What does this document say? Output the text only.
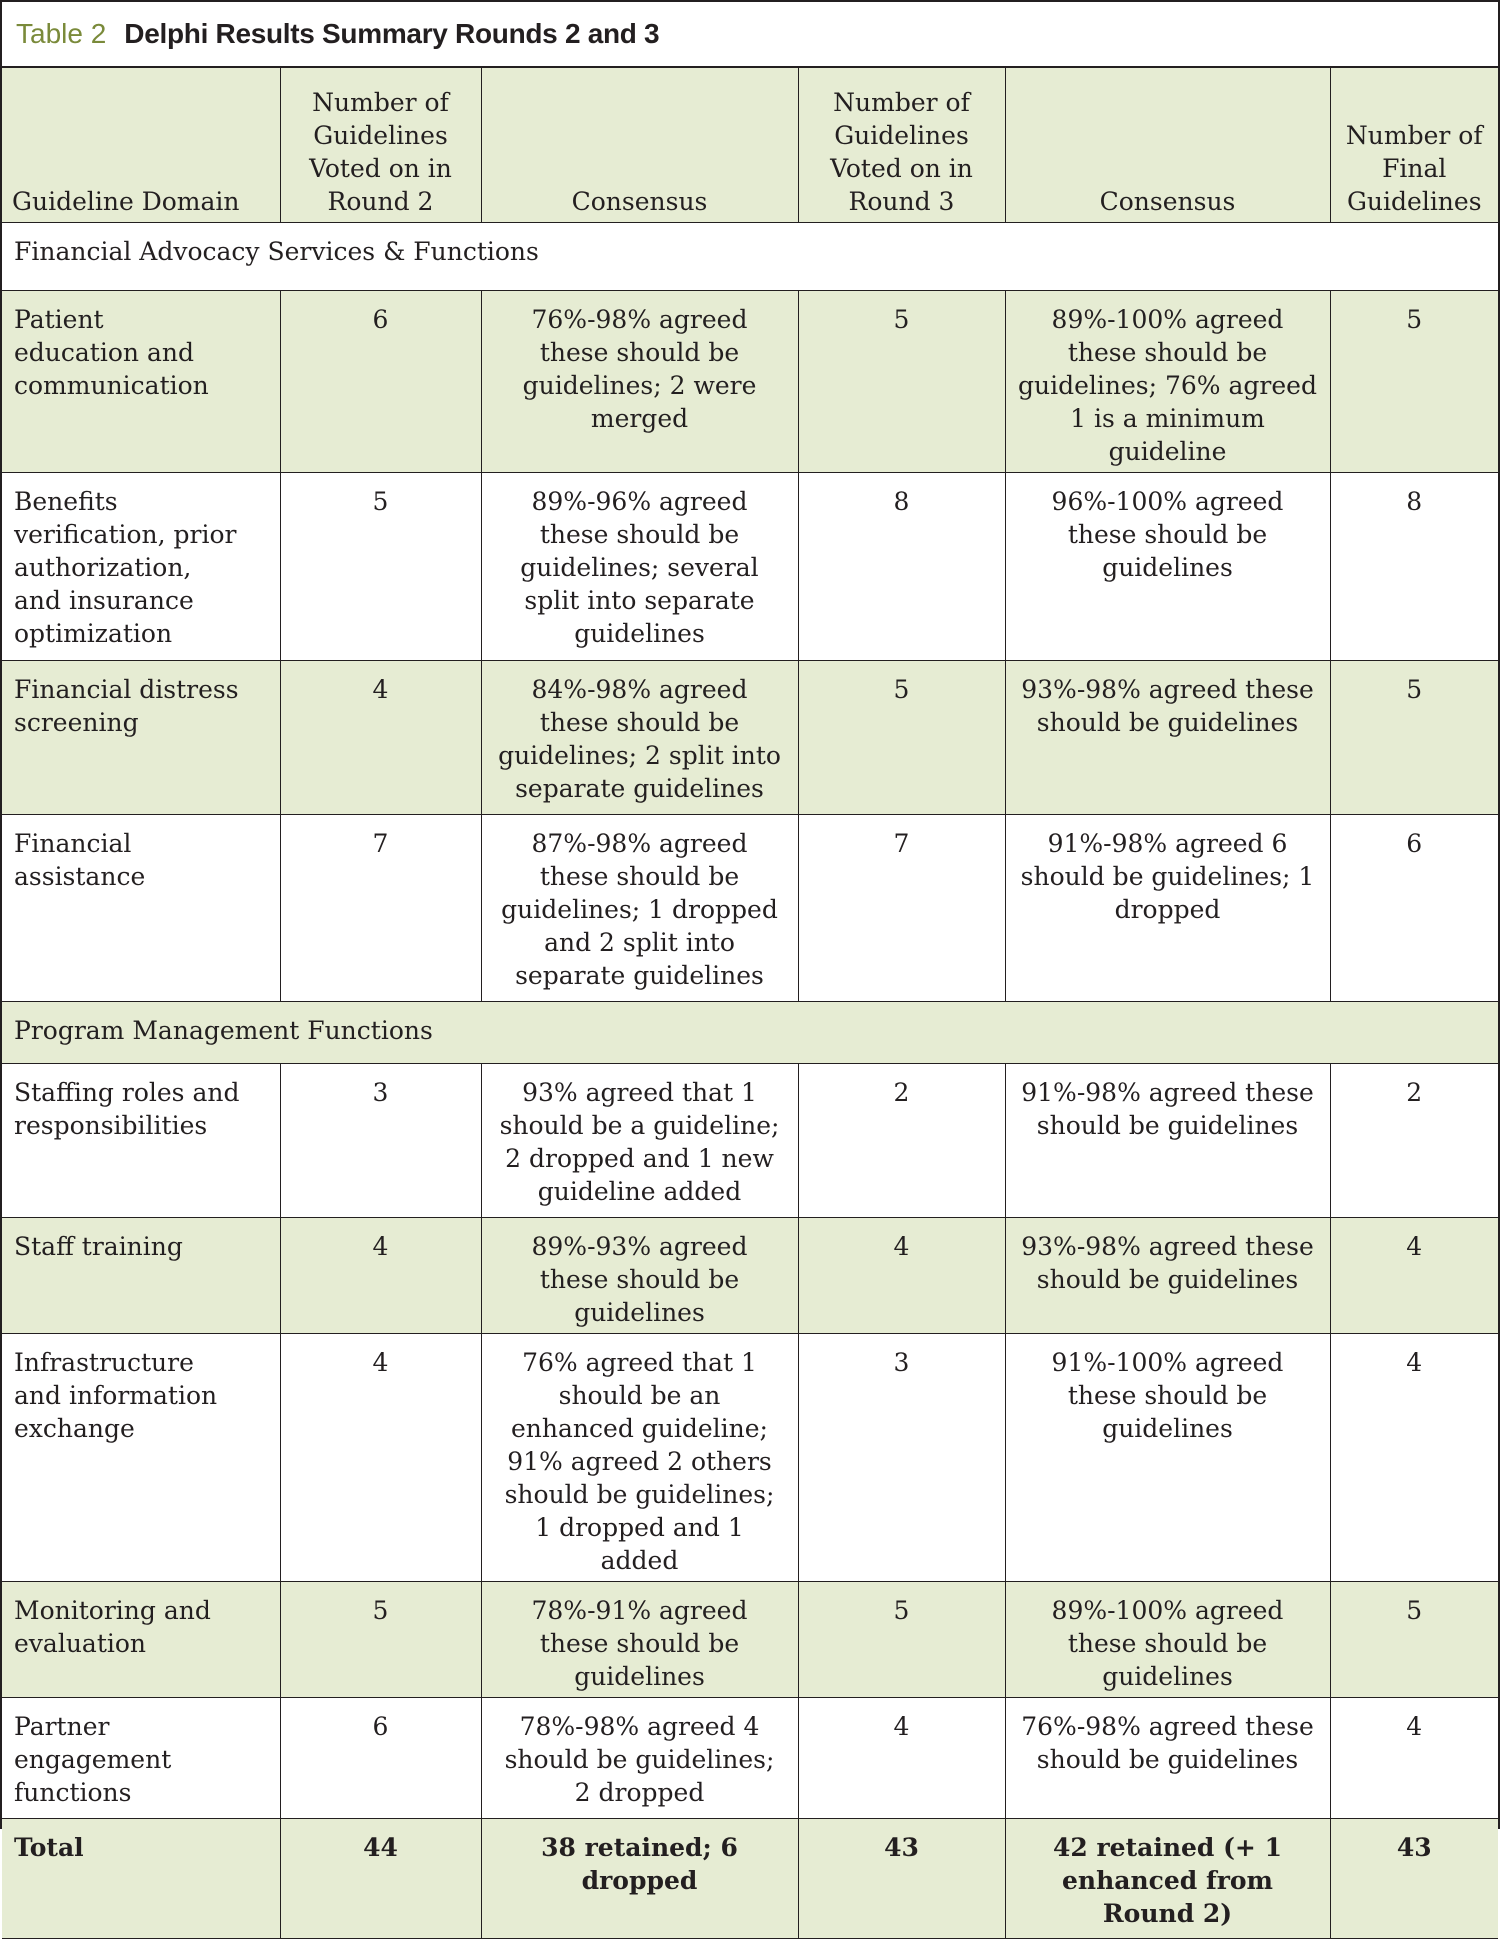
Table 2 Delphi Results Summary Rounds 2 and 3
Guideline Domain	Number of Guidelines Voted on in Round 2	Consensus	Number of Guidelines Voted on in Round 3	Consensus	Number of Final Guidelines
Financial Advocacy Services & Functions					
Patient
education and
communication	6	76%-98% agreed these should be guidelines; 2 were merged	5	89%-100% agreed these should be guidelines; 76% agreed 1 is a minimum guideline	5
Benefits
verification, prior
authorization,
and insurance
optimization	5	89%-96% agreed these should be guidelines; several split into separate guidelines	8	96%-100% agreed these should be guidelines	8
Financial distress
screening	4	84%-98% agreed these should be guidelines; 2 split into separate guidelines	5	93%-98% agreed these should be guidelines	5
Financial
assistance	7	87%-98% agreed these should be guidelines; 1 dropped and 2 split into separate guidelines	7	91%-98% agreed 6 should be guidelines; 1 dropped	6
Program Management Functions					
Staffing roles and
responsibilities	3	93% agreed that 1 should be a guideline; 2 dropped and 1 new guideline added	2	91%-98% agreed these should be guidelines	2
Staff training	4	89%-93% agreed these should be guidelines	4	93%-98% agreed these should be guidelines	4
Infrastructure
and information
exchange	4	76% agreed that 1 should be an enhanced guideline; 91% agreed 2 others should be guidelines; 1 dropped and 1 added	3	91%-100% agreed these should be guidelines	4
Monitoring and
evaluation	5	78%-91% agreed these should be guidelines	5	89%-100% agreed these should be guidelines	5
Partner engagement
functions	6	78%-98% agreed 4 should be guidelines; 2 dropped	4	76%-98% agreed these should be guidelines	4
Total	44	38 retained; 6 dropped	43	42 retained (+ 1 enhanced from Round 2)	43
